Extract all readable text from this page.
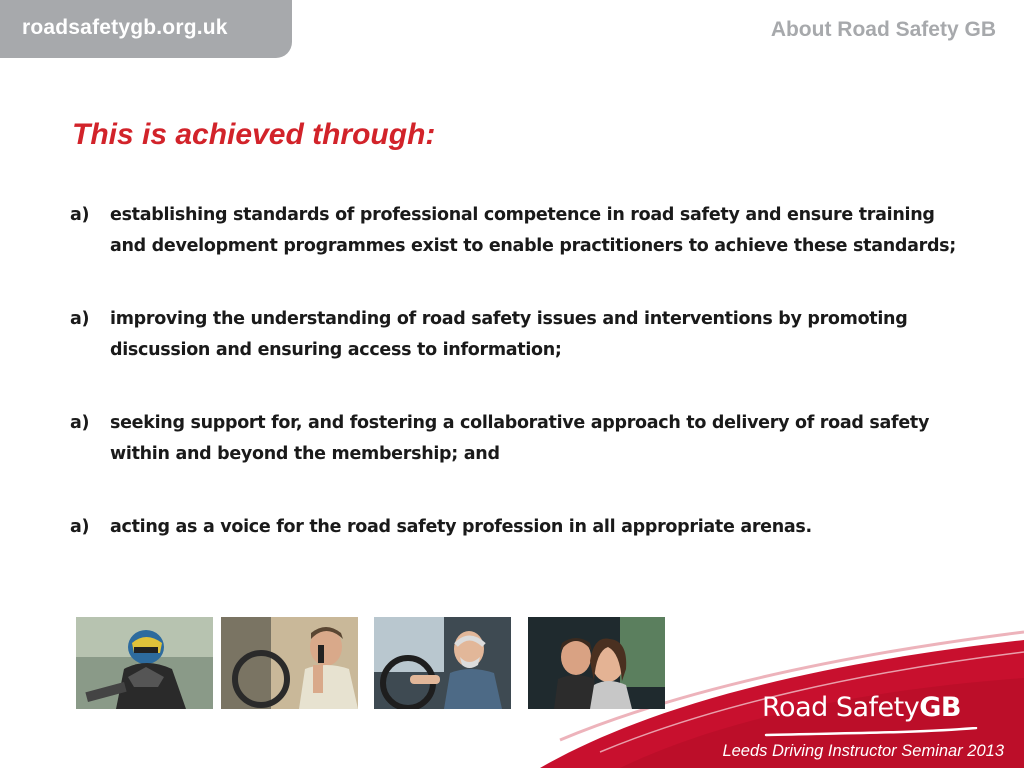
roadsafetygb.org.uk	About Road Safety GB
This is achieved through:
a)	establishing standards of professional competence in road safety and ensure training and development programmes exist to enable practitioners to achieve these standards;
a)	improving the understanding of road safety issues and interventions by promoting discussion and ensuring access to information;
a)	seeking support for, and fostering a collaborative approach to delivery of road safety within and beyond the membership; and
a)	acting as a voice for the road safety profession in all appropriate arenas.
Road SafetyGB
Leeds Driving Instructor Seminar 2013
